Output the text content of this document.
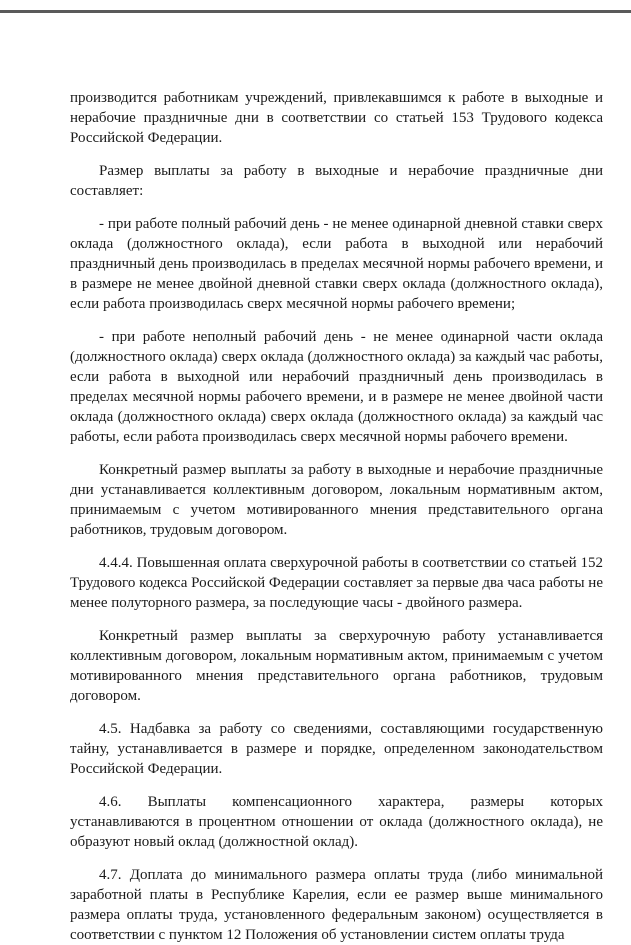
производится работникам учреждений, привлекавшимся к работе в выходные и нерабочие праздничные дни в соответствии со статьей 153 Трудового кодекса Российской Федерации.

Размер выплаты за работу в выходные и нерабочие праздничные дни составляет:

- при работе полный рабочий день - не менее одинарной дневной ставки сверх оклада (должностного оклада), если работа в выходной или нерабочий праздничный день производилась в пределах месячной нормы рабочего времени, и в размере не менее двойной дневной ставки сверх оклада (должностного оклада), если работа производилась сверх месячной нормы рабочего времени;

- при работе неполный рабочий день - не менее одинарной части оклада (должностного оклада) сверх оклада (должностного оклада) за каждый час работы, если работа в выходной или нерабочий праздничный день производилась в пределах месячной нормы рабочего времени, и в размере не менее двойной части оклада (должностного оклада) сверх оклада (должностного оклада) за каждый час работы, если работа производилась сверх месячной нормы рабочего времени.

Конкретный размер выплаты за работу в выходные и нерабочие праздничные дни устанавливается коллективным договором, локальным нормативным актом, принимаемым с учетом мотивированного мнения представительного органа работников, трудовым договором.

4.4.4. Повышенная оплата сверхурочной работы в соответствии со статьей 152 Трудового кодекса Российской Федерации составляет за первые два часа работы не менее полуторного размера, за последующие часы - двойного размера.

Конкретный размер выплаты за сверхурочную работу устанавливается коллективным договором, локальным нормативным актом, принимаемым с учетом мотивированного мнения представительного органа работников, трудовым договором.

4.5. Надбавка за работу со сведениями, составляющими государственную тайну, устанавливается в размере и порядке, определенном законодательством Российской Федерации.

4.6. Выплаты компенсационного характера, размеры которых устанавливаются в процентном отношении от оклада (должностного оклада), не образуют новый оклад (должностной оклад).

4.7. Доплата до минимального размера оплаты труда (либо минимальной заработной платы в Республике Карелия, если ее размер выше минимального размера оплаты труда, установленного федеральным законом) осуществляется в соответствии с пунктом 12 Положения об установлении систем оплаты труда
